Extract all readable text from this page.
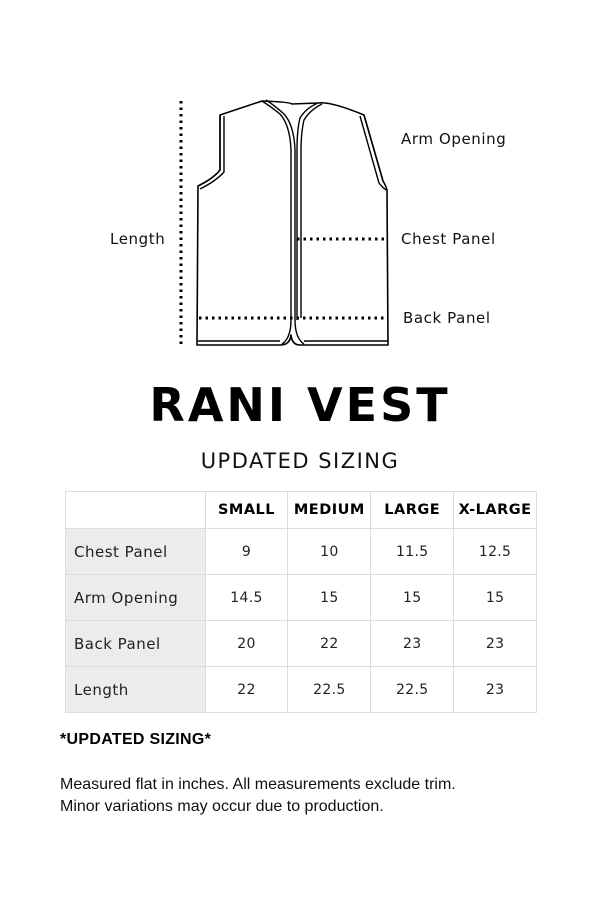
Arm Opening
Length	Chest Panel
Back Panel
RANI VEST
UPDATED SIZING
	SMALL	MEDIUM	LARGE	X-LARGE
Chest Panel	9	10	11.5	12.5
Arm Opening	14.5	15	15	15
Back Panel	20	22	23	23
Length	22	22.5	22.5	23
*UPDATED SIZING*
Measured flat in inches. All measurements exclude trim.
Minor variations may occur due to production.
